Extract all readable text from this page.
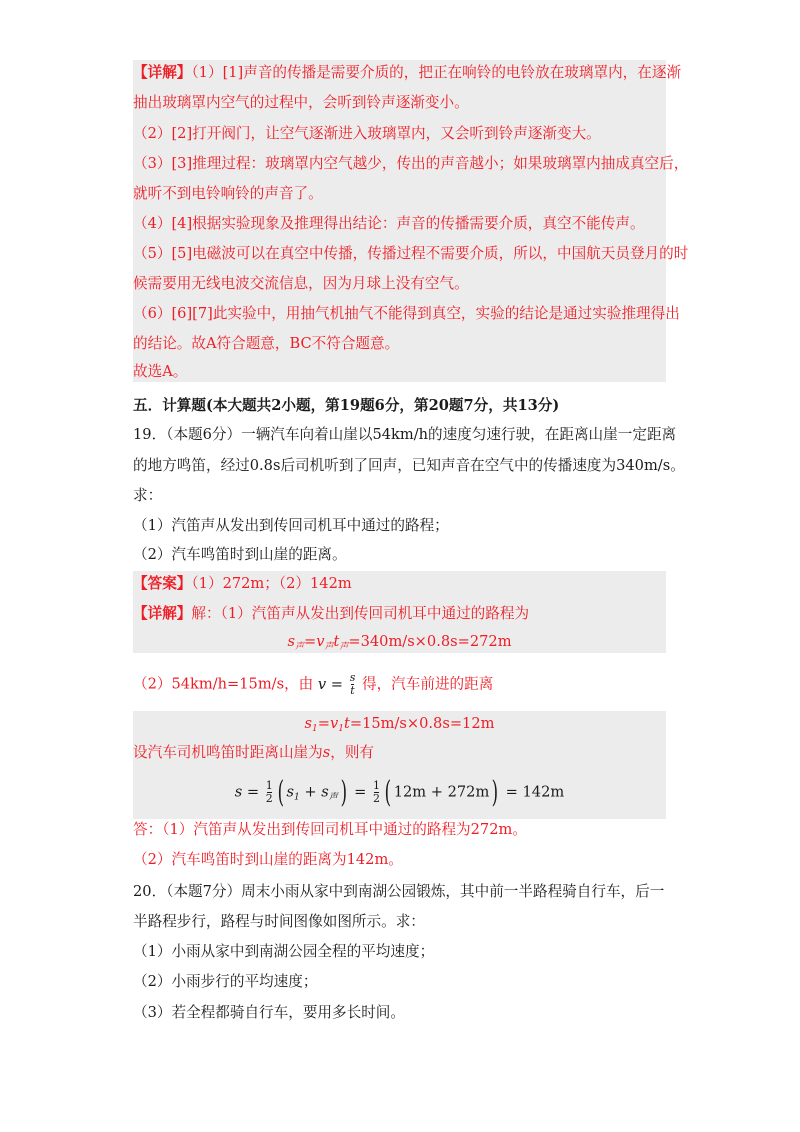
【详解】（1）[1]声音的传播是需要介质的，把正在响铃的电铃放在玻璃罩内，在逐渐
抽出玻璃罩内空气的过程中，会听到铃声逐渐变小。
（2）[2]打开阀门，让空气逐渐进入玻璃罩内，又会听到铃声逐渐变大。
（3）[3]推理过程：玻璃罩内空气越少，传出的声音越小；如果玻璃罩内抽成真空后，
就听不到电铃响铃的声音了。
（4）[4]根据实验现象及推理得出结论：声音的传播需要介质，真空不能传声。
（5）[5]电磁波可以在真空中传播，传播过程不需要介质，所以，中国航天员登月的时
候需要用无线电波交流信息，因为月球上没有空气。
（6）[6][7]此实验中，用抽气机抽气不能得到真空，实验的结论是通过实验推理得出
的结论。故A符合题意，BC不符合题意。
故选A。
五．计算题(本大题共2小题，第19题6分，第20题7分，共13分)
19．（本题6分）一辆汽车向着山崖以54km/h的速度匀速行驶，在距离山崖一定距离
的地方鸣笛，经过0.8s后司机听到了回声，已知声音在空气中的传播速度为340m/s。
求：
（1）汽笛声从发出到传回司机耳中通过的路程；
（2）汽车鸣笛时到山崖的距离。
【答案】（1）272m；（2）142m
【详解】解：（1）汽笛声从发出到传回司机耳中通过的路程为
$s_声=v_声t_声=340m/s\times 0.8s=272m$
（2）54km/h=15m/s，由 $v = \frac{s}{t}$ 得，汽车前进的距离
$s_1=v_1t=15m/s\times 0.8s=12m$
设汽车司机鸣笛时距离山崖为s，则有
$s = \frac{1}{2}$ ( $s_1 + s_声) = \frac{1}{2}$ ( 12m + 272m) = 142m
答：（1）汽笛声从发出到传回司机耳中通过的路程为272m。
（2）汽车鸣笛时到山崖的距离为142m。
20．（本题7分）周末小雨从家中到南湖公园锻炼，其中前一半路程骑自行车，后一
半路程步行，路程与时间图像如图所示。求：
（1）小雨从家中到南湖公园全程的平均速度；
（2）小雨步行的平均速度；
（3）若全程都骑自行车，要用多长时间。
